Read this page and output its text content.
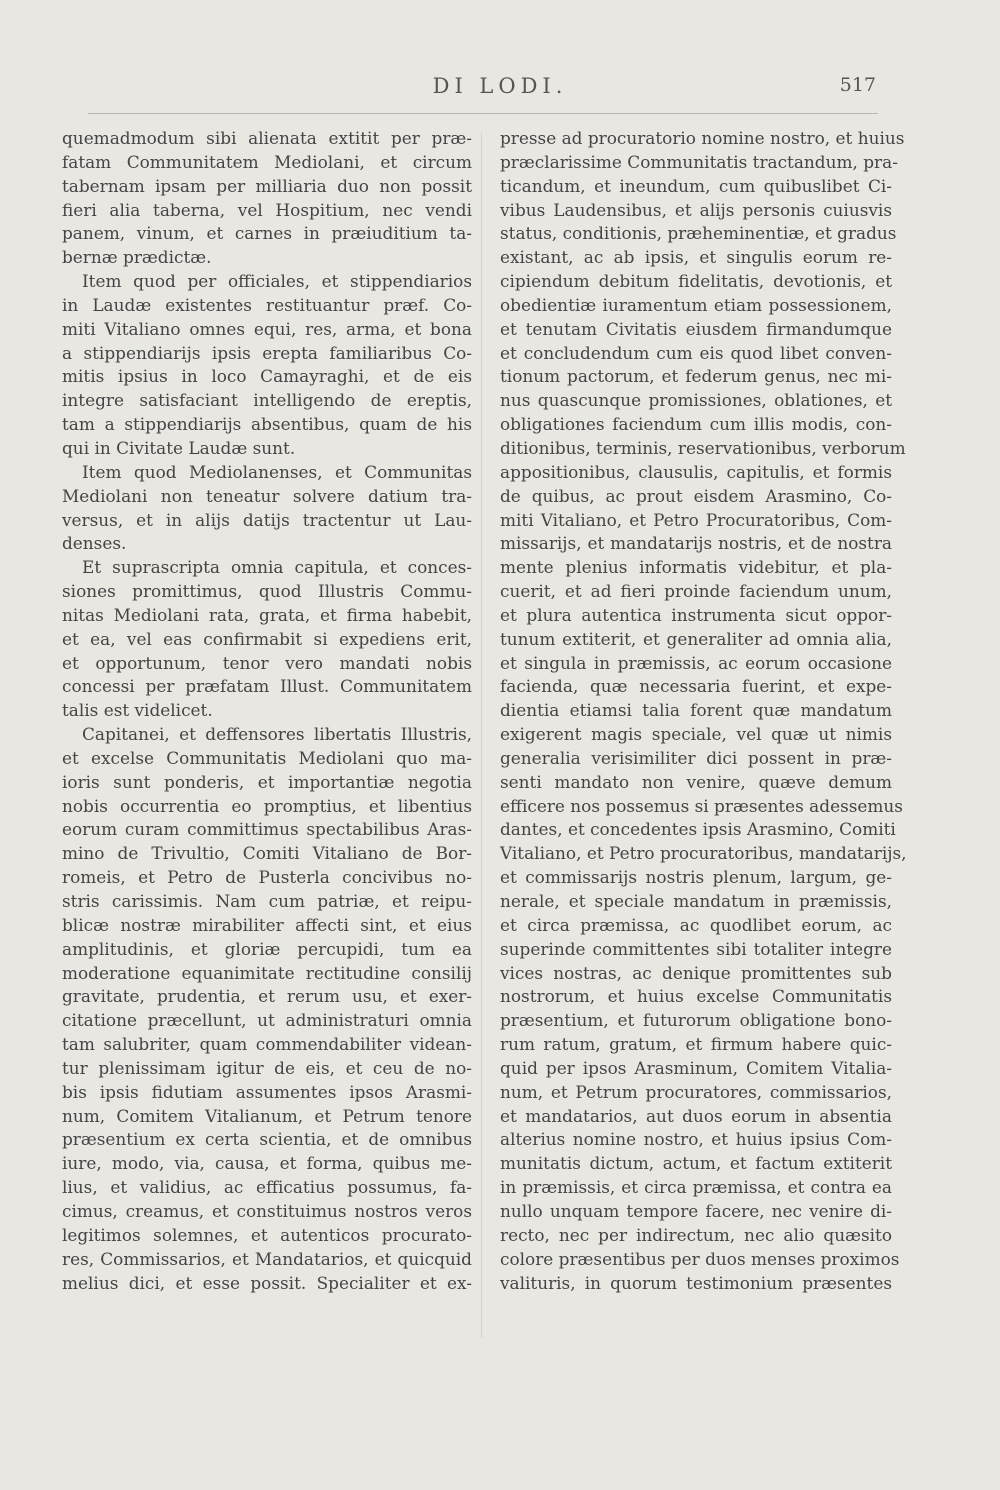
DI LODI.	517

quemadmodum sibi alienata extitit per præ-
fatam Communitatem Mediolani, et circum
tabernam ipsam per milliaria duo non possit
fieri alia taberna, vel Hospitium, nec vendi
panem, vinum, et carnes in præiuditium ta-
bernæ prædictæ.

Item quod per officiales, et stippendiarios
in Laudæ existentes restituantur præf. Co-
miti Vitaliano omnes equi, res, arma, et bona
a stippendiarijs ipsis erepta familiaribus Co-
mitis ipsius in loco Camayraghi, et de eis
integre satisfaciant intelligendo de ereptis,
tam a stippendiarijs absentibus, quam de his
qui in Civitate Laudæ sunt.

Item quod Mediolanenses, et Communitas
Mediolani non teneatur solvere datium tra-
versus, et in alijs datijs tractentur ut Lau-
denses.

Et suprascripta omnia capitula, et conces-
siones promittimus, quod Illustris Commu-
nitas Mediolani rata, grata, et firma habebit,
et ea, vel eas confirmabit si expediens erit,
et opportunum, tenor vero mandati nobis
concessi per præfatam Illust. Communitatem
talis est videlicet.

Capitanei, et deffensores libertatis Illustris,
et excelse Communitatis Mediolani quo ma-
ioris sunt ponderis, et importantiæ negotia
nobis occurrentia eo promptius, et libentius
eorum curam committimus spectabilibus Aras-
mino de Trivultio, Comiti Vitaliano de Bor-
romeis, et Petro de Pusterla concivibus no-
stris carissimis. Nam cum patriæ, et reipu-
blicæ nostræ mirabiliter affecti sint, et eius
amplitudinis, et gloriæ percupidi, tum ea
moderatione equanimitate rectitudine consilij
gravitate, prudentia, et rerum usu, et exer-
citatione præcellunt, ut administraturi omnia
tam salubriter, quam commendabiliter videan-
tur plenissimam igitur de eis, et ceu de no-
bis ipsis fidutiam assumentes ipsos Arasmi-
num, Comitem Vitalianum, et Petrum tenore
præsentium ex certa scientia, et de omnibus
iure, modo, via, causa, et forma, quibus me-
lius, et validius, ac efficatius possumus, fa-
cimus, creamus, et constituimus nostros veros
legitimos solemnes, et autenticos procurato-
res, Commissarios, et Mandatarios, et quicquid
melius dici, et esse possit. Specialiter et ex-

presse ad procuratorio nomine nostro, et huius
præclarissime Communitatis tractandum, pra-
ticandum, et ineundum, cum quibuslibet Ci-
vibus Laudensibus, et alijs personis cuiusvis
status, conditionis, præheminentiæ, et gradus
existant, ac ab ipsis, et singulis eorum re-
cipiendum debitum fidelitatis, devotionis, et
obedientiæ iuramentum etiam possessionem,
et tenutam Civitatis eiusdem firmandumque
et concludendum cum eis quod libet conven-
tionum pactorum, et federum genus, nec mi-
nus quascunque promissiones, oblationes, et
obligationes faciendum cum illis modis, con-
ditionibus, terminis, reservationibus, verborum
appositionibus, clausulis, capitulis, et formis
de quibus, ac prout eisdem Arasmino, Co-
miti Vitaliano, et Petro Procuratoribus, Com-
missarijs, et mandatarijs nostris, et de nostra
mente plenius informatis videbitur, et pla-
cuerit, et ad fieri proinde faciendum unum,
et plura autentica instrumenta sicut oppor-
tunum extiterit, et generaliter ad omnia alia,
et singula in præmissis, ac eorum occasione
facienda, quæ necessaria fuerint, et expe-
dientia etiamsi talia forent quæ mandatum
exigerent magis speciale, vel quæ ut nimis
generalia verisimiliter dici possent in præ-
senti mandato non venire, quæve demum
efficere nos possemus si præsentes adessemus
dantes, et concedentes ipsis Arasmino, Comiti
Vitaliano, et Petro procuratoribus, mandatarijs,
et commissarijs nostris plenum, largum, ge-
nerale, et speciale mandatum in præmissis,
et circa præmissa, ac quodlibet eorum, ac
superinde committentes sibi totaliter integre
vices nostras, ac denique promittentes sub
nostrorum, et huius excelse Communitatis
præsentium, et futurorum obligatione bono-
rum ratum, gratum, et firmum habere quic-
quid per ipsos Arasminum, Comitem Vitalia-
num, et Petrum procuratores, commissarios,
et mandatarios, aut duos eorum in absentia
alterius nomine nostro, et huius ipsius Com-
munitatis dictum, actum, et factum extiterit
in præmissis, et circa præmissa, et contra ea
nullo unquam tempore facere, nec venire di-
recto, nec per indirectum, nec alio quæsito
colore præsentibus per duos menses proximos
valituris, in quorum testimonium præsentes
